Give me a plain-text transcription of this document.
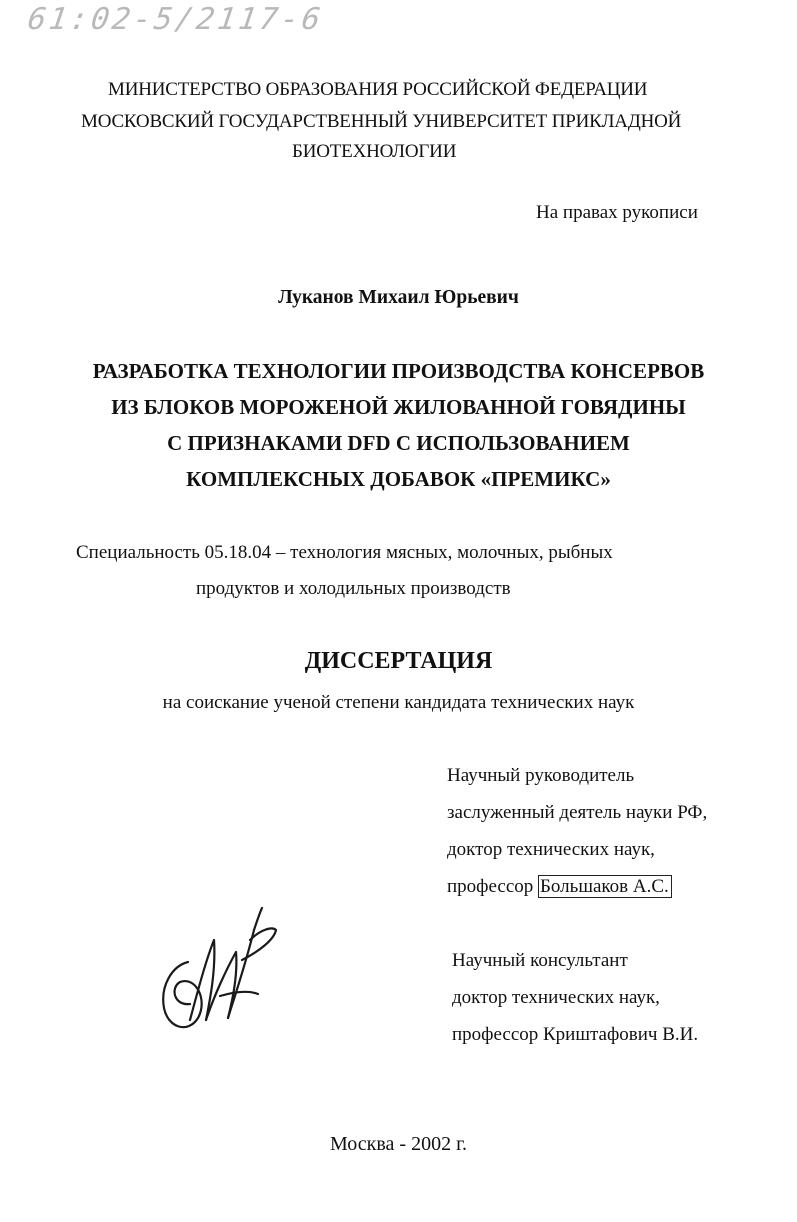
61:02-5/2117-6
МИНИСТЕРСТВО ОБРАЗОВАНИЯ РОССИЙСКОЙ ФЕДЕРАЦИИ
МОСКОВСКИЙ ГОСУДАРСТВЕННЫЙ УНИВЕРСИТЕТ ПРИКЛАДНОЙ
БИОТЕХНОЛОГИИ
На правах рукописи
Луканов Михаил Юрьевич
РАЗРАБОТКА ТЕХНОЛОГИИ ПРОИЗВОДСТВА КОНСЕРВОВ
ИЗ БЛОКОВ МОРОЖЕНОЙ ЖИЛОВАННОЙ ГОВЯДИНЫ
С ПРИЗНАКАМИ DFD С ИСПОЛЬЗОВАНИЕМ
КОМПЛЕКСНЫХ ДОБАВОК «ПРЕМИКС»
Специальность 05.18.04 – технология мясных, молочных, рыбных
продуктов и холодильных производств
ДИССЕРТАЦИЯ
на соискание ученой степени кандидата технических наук
Научный руководитель
заслуженный деятель науки РФ,
доктор технических наук,
профессор Большаков А.С.
Научный консультант
доктор технических наук,
профессор Криштафович В.И.
Москва - 2002 г.
